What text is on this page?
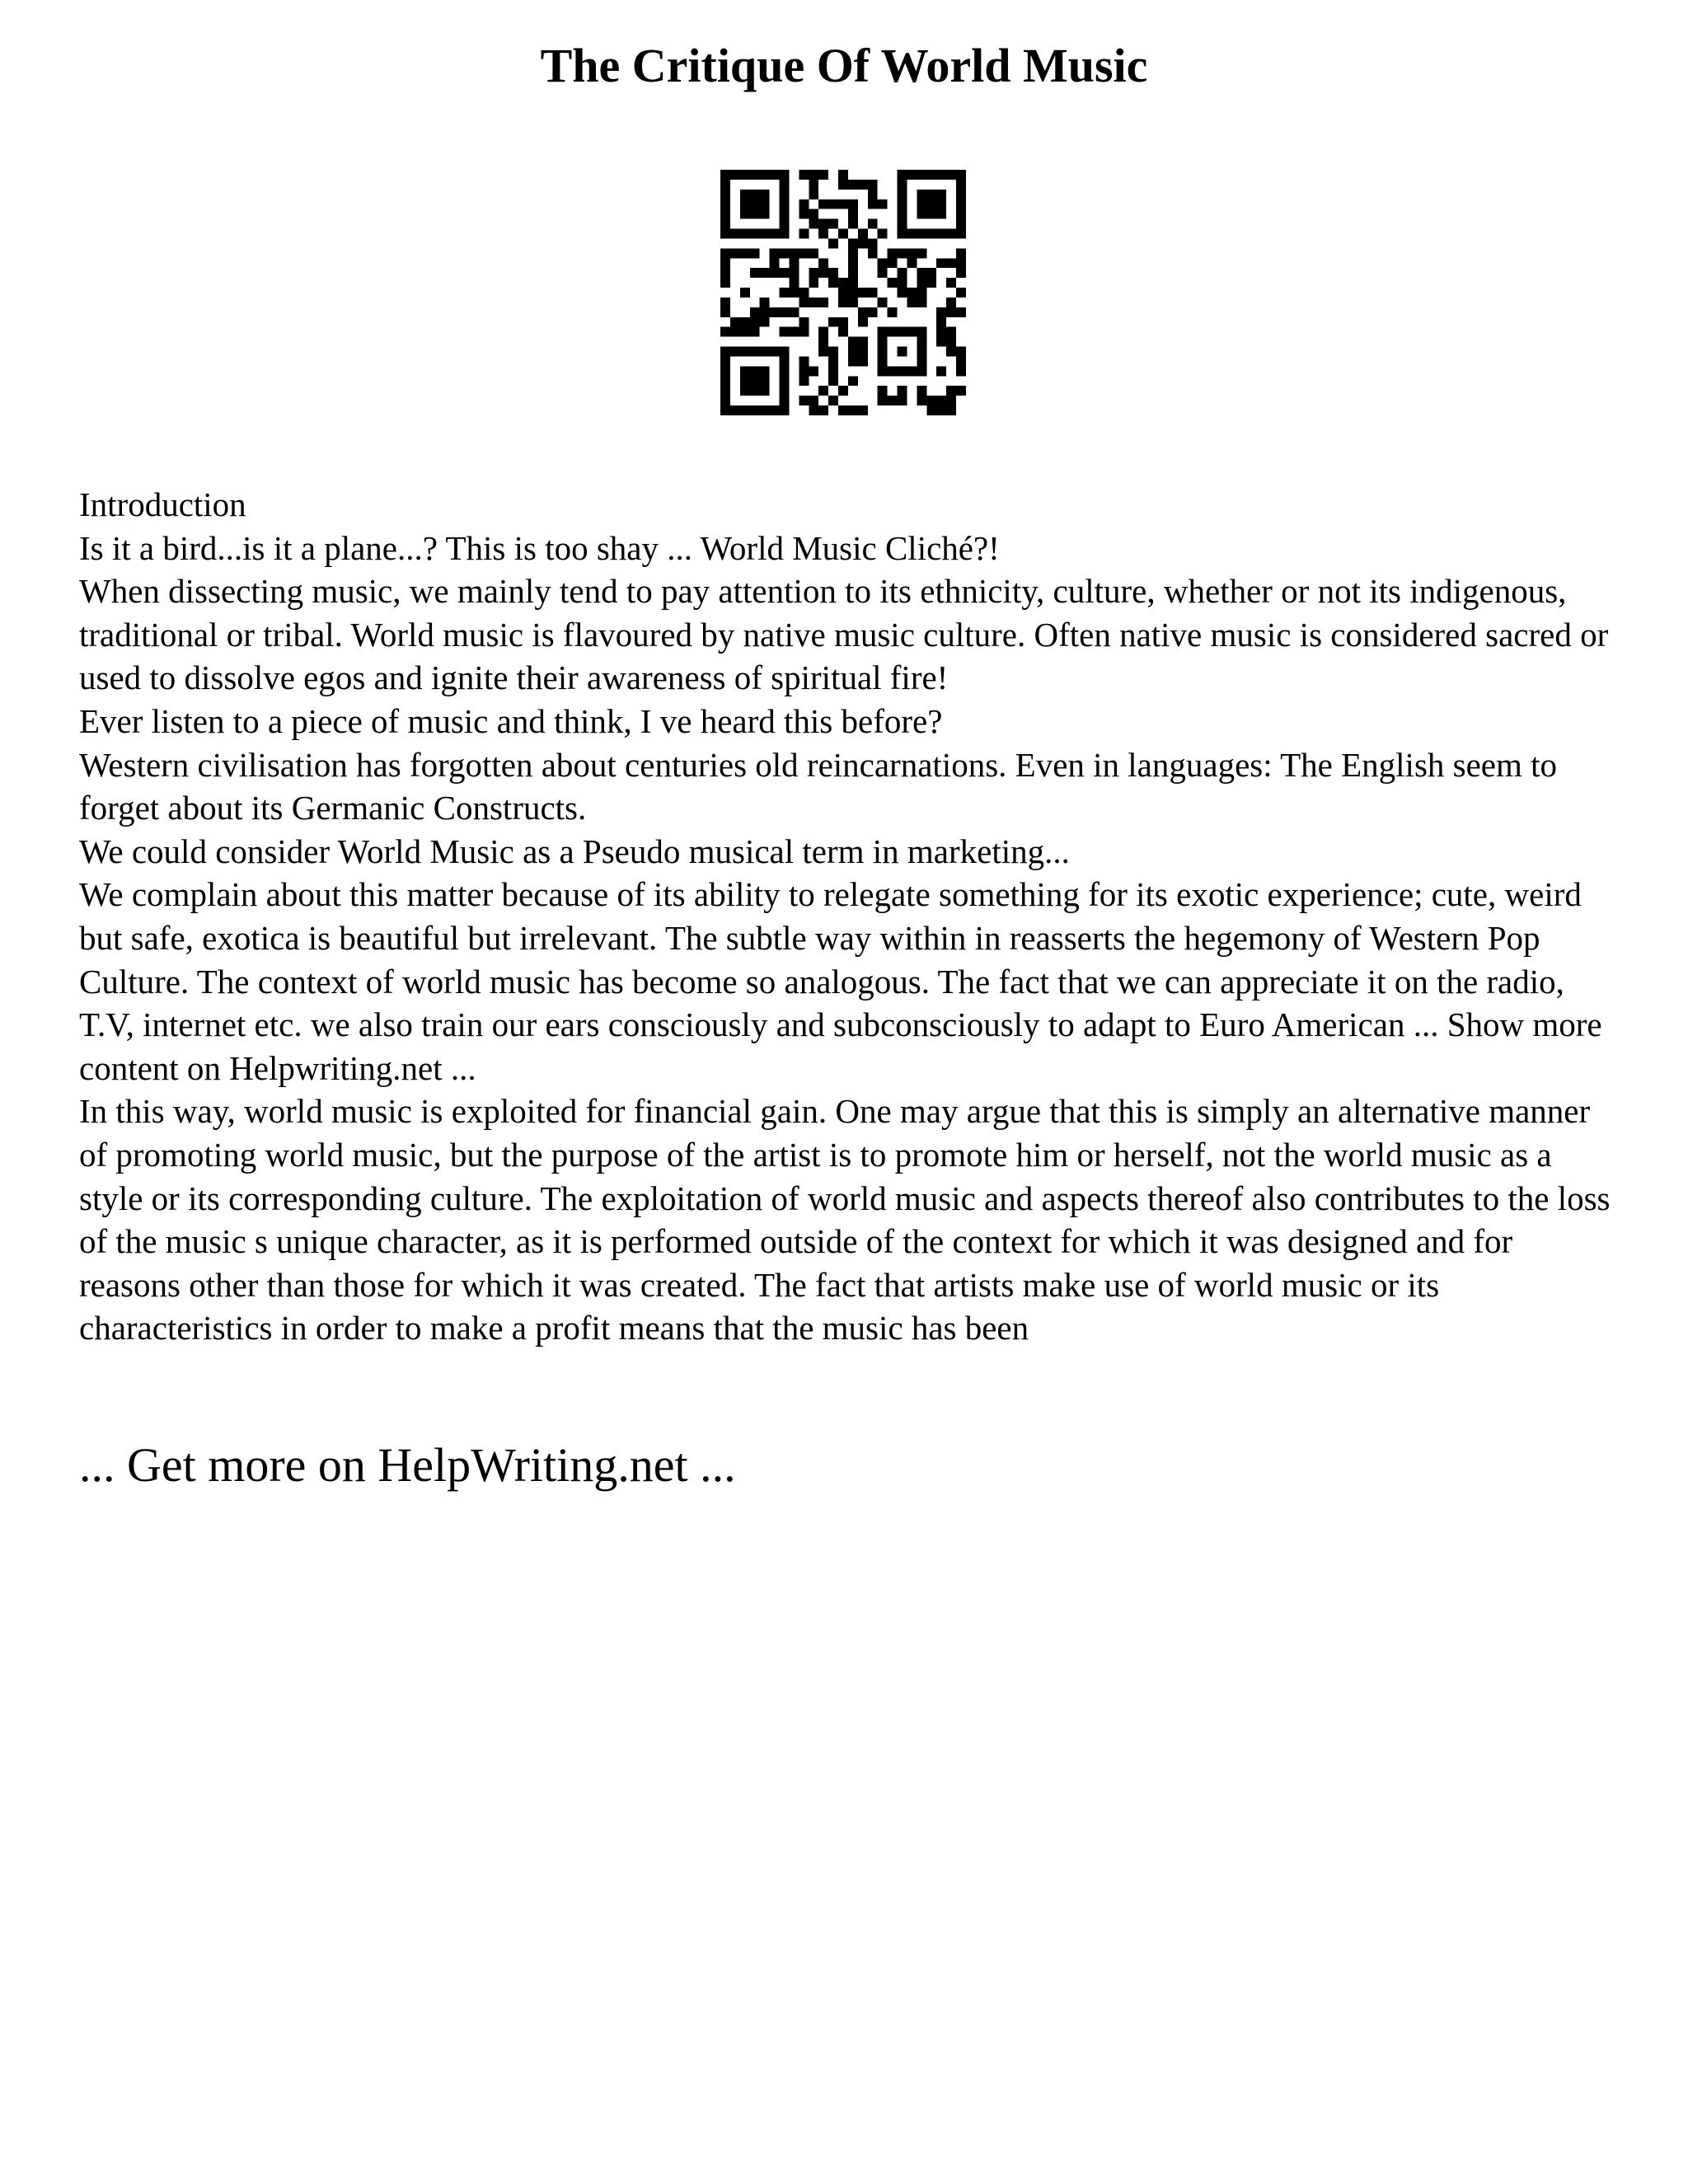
The Critique Of World Music
Introduction
Is it a bird...is it a plane...? This is too shay ... World Music Cliché?!
When dissecting music, we mainly tend to pay attention to its ethnicity, culture, whether or not its indigenous, traditional or tribal. World music is flavoured by native music culture. Often native music is considered sacred or used to dissolve egos and ignite their awareness of spiritual fire!
Ever listen to a piece of music and think, I ve heard this before?
Western civilisation has forgotten about centuries old reincarnations. Even in languages: The English seem to forget about its Germanic Constructs.
We could consider World Music as a Pseudo musical term in marketing...
We complain about this matter because of its ability to relegate something for its exotic experience; cute, weird but safe, exotica is beautiful but irrelevant. The subtle way within in reasserts the hegemony of Western Pop Culture. The context of world music has become so analogous. The fact that we can appreciate it on the radio, T.V, internet etc. we also train our ears consciously and subconsciously to adapt to Euro American ... Show more content on Helpwriting.net ...
In this way, world music is exploited for financial gain. One may argue that this is simply an alternative manner of promoting world music, but the purpose of the artist is to promote him or herself, not the world music as a style or its corresponding culture. The exploitation of world music and aspects thereof also contributes to the loss of the music s unique character, as it is performed outside of the context for which it was designed and for reasons other than those for which it was created. The fact that artists make use of world music or its characteristics in order to make a profit means that the music has been

... Get more on HelpWriting.net ...
